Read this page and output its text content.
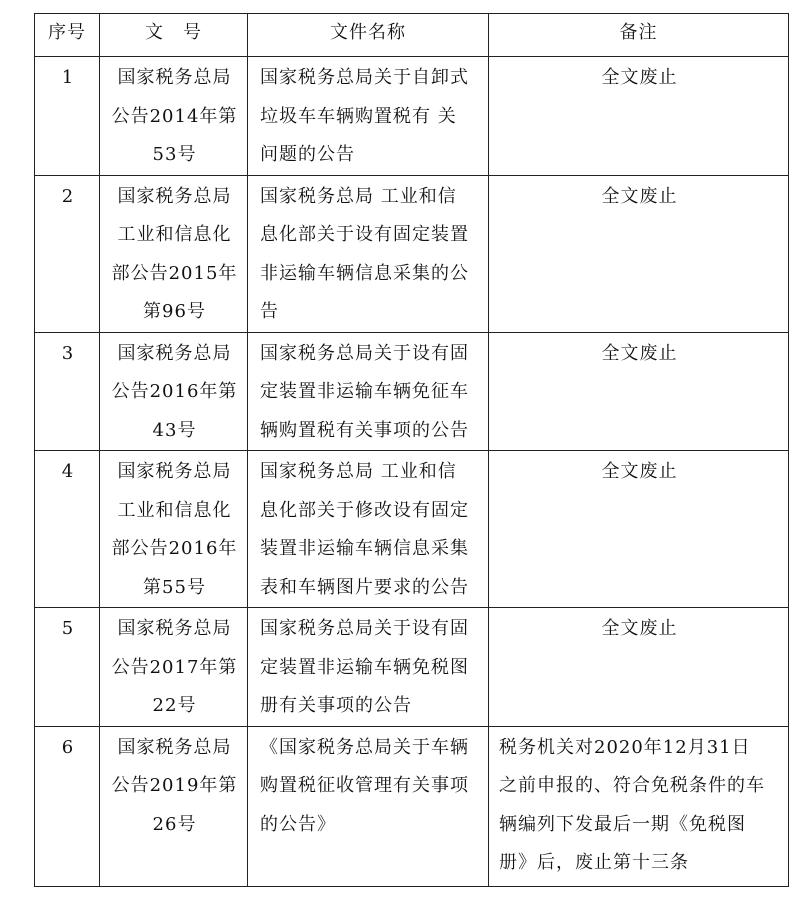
序号	文　号	文件名称	备注

1	国家税务总局
公告2014年第
53号	国家税务总局关于自卸式
垃圾车车辆购置税有 关
问题的公告	全文废止

2	国家税务总局
工业和信息化
部公告2015年
第96号	国家税务总局 工业和信
息化部关于设有固定装置
非运输车辆信息采集的公
告	全文废止

3	国家税务总局
公告2016年第
43号	国家税务总局关于设有固
定装置非运输车辆免征车
辆购置税有关事项的公告	全文废止

4	国家税务总局
工业和信息化
部公告2016年
第55号	国家税务总局 工业和信
息化部关于修改设有固定
装置非运输车辆信息采集
表和车辆图片要求的公告	全文废止

5	国家税务总局
公告2017年第
22号	国家税务总局关于设有固
定装置非运输车辆免税图
册有关事项的公告	全文废止

6	国家税务总局
公告2019年第
26号	《国家税务总局关于车辆
购置税征收管理有关事项
的公告》	税务机关对2020年12月31日
之前申报的、符合免税条件的车
辆编列下发最后一期《免税图
册》后，废止第十三条
